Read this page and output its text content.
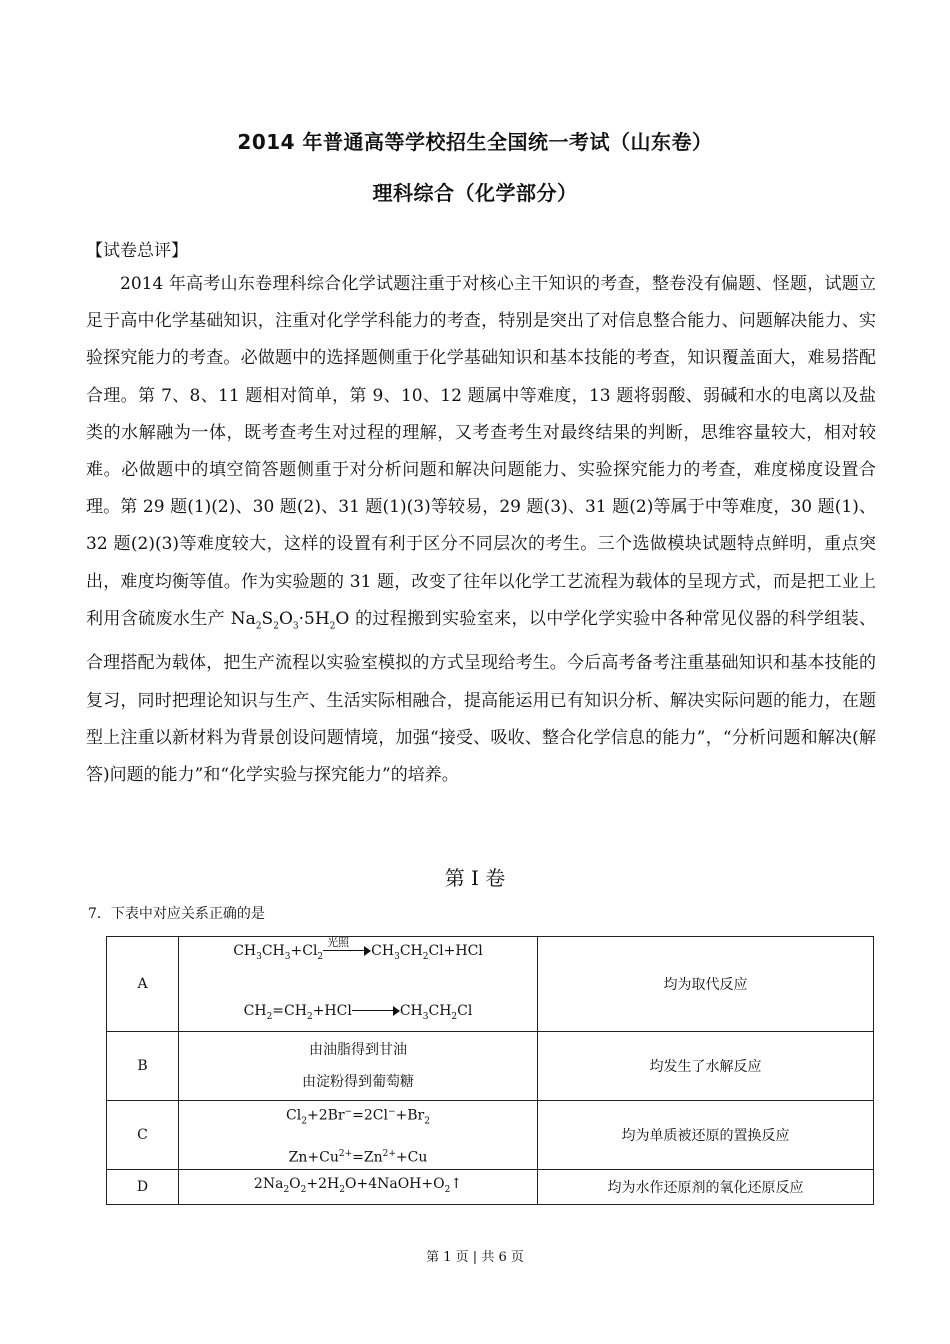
2014 年普通高等学校招生全国统一考试（山东卷）
理科综合（化学部分）
【试卷总评】

2014 年高考山东卷理科综合化学试题注重于对核心主干知识的考查，整卷没有偏题、怪题，试题立足于高中化学基础知识，注重对化学学科能力的考查，特别是突出了对信息整合能力、问题解决能力、实验探究能力的考查。必做题中的选择题侧重于化学基础知识和基本技能的考查，知识覆盖面大，难易搭配合理。第 7、8、11 题相对简单，第 9、10、12 题属中等难度，13 题将弱酸、弱碱和水的电离以及盐类的水解融为一体，既考查考生对过程的理解，又考查考生对最终结果的判断，思维容量较大，相对较难。必做题中的填空简答题侧重于对分析问题和解决问题能力、实验探究能力的考查，难度梯度设置合理。第 29 题(1)(2)、30 题(2)、31 题(1)(3)等较易，29 题(3)、31 题(2)等属于中等难度，30 题(1)、32 题(2)(3)等难度较大，这样的设置有利于区分不同层次的考生。三个选做模块试题特点鲜明，重点突出，难度均衡等值。作为实验题的 31 题，改变了往年以化学工艺流程为载体的呈现方式，而是把工业上利用含硫废水生产 $Na_2S_2O_3\cdot 5H_2O$ 的过程搬到实验室来，以中学化学实验中各种常见仪器的科学组装、合理搭配为载体，把生产流程以实验室模拟的方式呈现给考生。今后高考备考注重基础知识和基本技能的复习，同时把理论知识与生产、生活实际相融合，提高能运用已有知识分析、解决实际问题的能力，在题型上注重以新材料为背景创设问题情境，加强“接受、吸收、整合化学信息的能力”，“分析问题和解决(解答)问题的能力”和“化学实验与探究能力”的培养。

第 I 卷
7．下表中对应关系正确的是
A	$CH_3CH_3+Cl_2$
光照
$CH_3CH_2Cl+HCl$
$CH_2=CH_2+HCl$ $CH_3CH_2Cl$	均为取代反应
B	由油脂得到甘油
由淀粉得到葡萄糖	均发生了水解反应
C	$Cl_2+2Br^-=2Cl^-+Br_2$
$Zn+Cu^{2+}=Zn^{2+}+Cu$	均为单质被还原的置换反应
D	$2Na_2O_2+2H_2O+4NaOH+O_2↑$	均为水作还原剂的氧化还原反应
第 1 页 | 共 6 页
